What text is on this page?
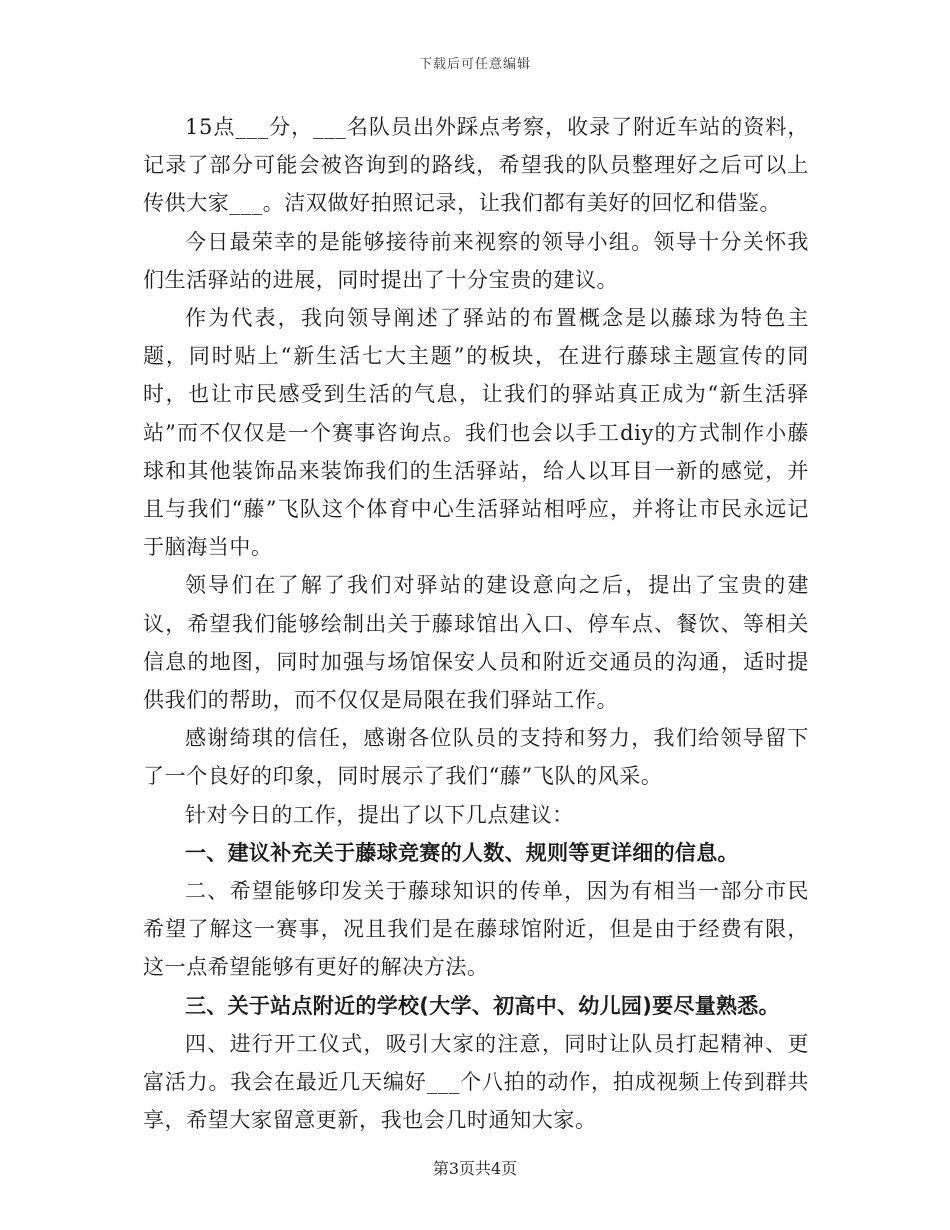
下载后可任意编辑

15点___分，___名队员出外踩点考察，收录了附近车站的资料，记录了部分可能会被咨询到的路线，希望我的队员整理好之后可以上传供大家___。洁双做好拍照记录，让我们都有美好的回忆和借鉴。

今日最荣幸的是能够接待前来视察的领导小组。领导十分关怀我们生活驿站的进展，同时提出了十分宝贵的建议。

作为代表，我向领导阐述了驿站的布置概念是以藤球为特色主题，同时贴上“新生活七大主题”的板块，在进行藤球主题宣传的同时，也让市民感受到生活的气息，让我们的驿站真正成为“新生活驿站”而不仅仅是一个赛事咨询点。我们也会以手工diy的方式制作小藤球和其他装饰品来装饰我们的生活驿站，给人以耳目一新的感觉，并且与我们“藤”飞队这个体育中心生活驿站相呼应，并将让市民永远记于脑海当中。

领导们在了解了我们对驿站的建设意向之后，提出了宝贵的建议，希望我们能够绘制出关于藤球馆出入口、停车点、餐饮、等相关信息的地图，同时加强与场馆保安人员和附近交通员的沟通，适时提供我们的帮助，而不仅仅是局限在我们驿站工作。

感谢绮琪的信任，感谢各位队员的支持和努力，我们给领导留下了一个良好的印象，同时展示了我们“藤”飞队的风采。

针对今日的工作，提出了以下几点建议：

一、建议补充关于藤球竞赛的人数、规则等更详细的信息。

二、希望能够印发关于藤球知识的传单，因为有相当一部分市民希望了解这一赛事，况且我们是在藤球馆附近，但是由于经费有限，这一点希望能够有更好的解决方法。

三、关于站点附近的学校(大学、初高中、幼儿园)要尽量熟悉。

四、进行开工仪式，吸引大家的注意，同时让队员打起精神、更富活力。我会在最近几天编好___个八拍的动作，拍成视频上传到群共享，希望大家留意更新，我也会几时通知大家。

第3页共4页
